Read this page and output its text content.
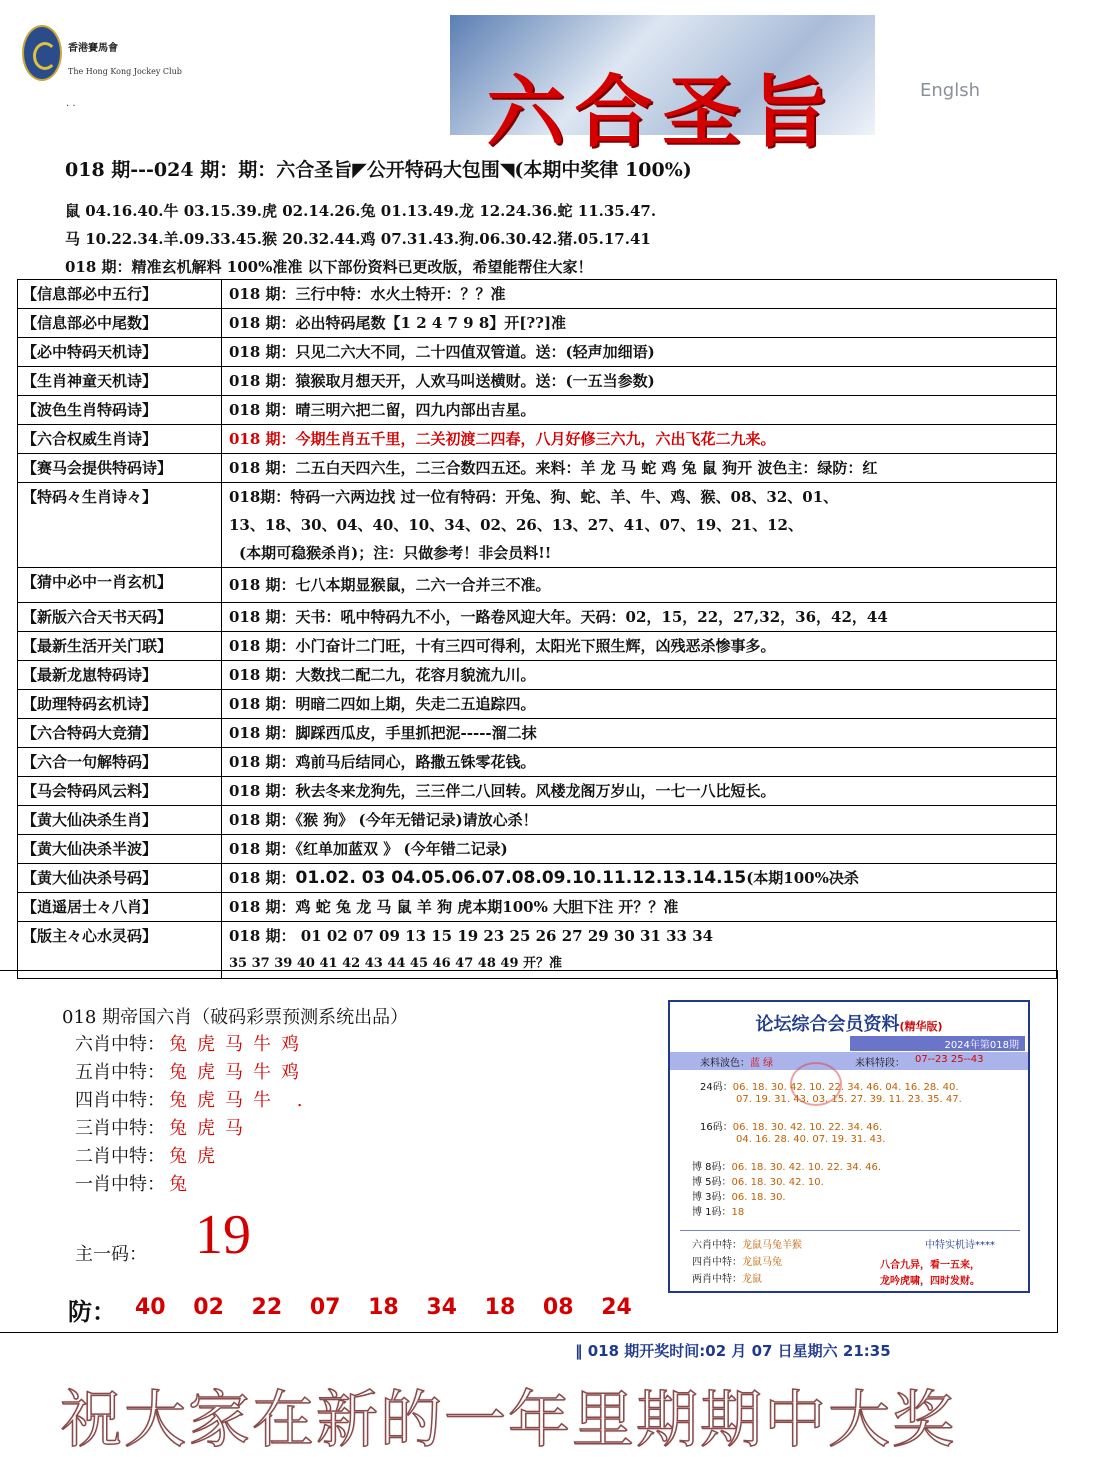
香港賽馬會
The Hong Kong Jockey Club
. .	六合圣旨	Englsh
018 期---024 期：期：六合圣旨◤公开特码大包围◥(本期中奖律 100%)
鼠 04.16.40.牛 03.15.39.虎 02.14.26.兔 01.13.49.龙 12.24.36.蛇 11.35.47.
马 10.22.34.羊.09.33.45.猴 20.32.44.鸡 07.31.43.狗.06.30.42.猪.05.17.41
018 期：精准玄机解料 100%准准 以下部份资料已更改版，希望能帮住大家！
【信息部必中五行】	018 期：三行中特：水火土特开：？？准
【信息部必中尾数】	018 期：必出特码尾数【1 2 4 7 9 8】开[??]准
【必中特码天机诗】	018 期：只见二六大不同，二十四值双管道。送：(轻声加细语)
【生肖神童天机诗】	018 期：猿猴取月想天开，人欢马叫送横财。送：(一五当参数)
【波色生肖特码诗】	018 期：晴三明六把二留，四九内部出吉星。
【六合权威生肖诗】	018 期：今期生肖五千里，二关初渡二四春，八月好修三六九，六出飞花二九来。
【赛马会提供特码诗】	018 期：二五白天四六生，二三合数四五还。来料：羊 龙 马 蛇 鸡 兔 鼠 狗开 波色主：绿防：红
【特码々生肖诗々】	018期：特码一六两边找 过一位有特码：开兔、狗、蛇、羊、牛、鸡、猴、08、32、01、
13、18、30、04、40、10、34、02、26、13、27、41、07、19、21、12、
(本期可稳猴杀肖)；注：只做参考！非会员料!!

【猜中必中一肖玄机】	018 期：七八本期显猴鼠，二六一合并三不准。
【新版六合天书天码】	018 期：天书：吼中特码九不小，一路卷风迎大年。天码：02，15，22，27,32，36，42，44
【最新生活开关门联】	018 期：小门奋计二门旺，十有三四可得利，太阳光下照生辉，凶残恶杀惨事多。
【最新龙崽特码诗】	018 期：大数找二配二九，花容月貌流九川。
【助理特码玄机诗】	018 期：明暗二四如上期，失走二五追踪四。
【六合特码大竞猜】	018 期：脚踩西瓜皮，手里抓把泥-----溜二抹
【六合一句解特码】	018 期：鸡前马后结同心，路撒五铢零花钱。
【马会特码风云料】	018 期：秋去冬来龙狗先，三三伴二八回转。风楼龙阁万岁山，一七一八比短长。
【黄大仙决杀生肖】	018 期：《猴 狗》 (今年无错记录)请放心杀！
【黄大仙决杀半波】	018 期：《红单加蓝双 》 (今年错二记录)
【黄大仙决杀号码】	018 期：01.02. 03 04.05.06.07.08.09.10.11.12.13.14.15(本期100%决杀
【逍遥居士々八肖】	018 期：鸡 蛇 兔 龙 马 鼠 羊 狗 虎本期100% 大胆下注 开？？准
【版主々心水灵码】	018 期： 01 02 07 09 13 15 19 23 25 26 27 29 30 31 33 34
35 37 39 40 41 42 43 44 45 46 47 48 49 开？准
018 期帝国六肖（破码彩票预测系统出品）
六肖中特： 兔虎马牛鸡
五肖中特： 兔虎马牛鸡
四肖中特： 兔虎马牛 .
三肖中特： 兔虎马
二肖中特： 兔虎
一肖中特： 兔
主一码： 19
防： 40 02 22 07 18 34 18 08 24
论坛综合会员资料(精华版)
2024年第018期
来料波色： 蓝 绿	来料特段： 07--23 25--43
24码：06. 18. 30. 42. 10. 22. 34. 46. 04. 16. 28. 40.
07. 19. 31. 43. 03. 15. 27. 39. 11. 23. 35. 47.
16码：06. 18. 30. 42. 10. 22. 34. 46.
04. 16. 28. 40. 07. 19. 31. 43.
博 8码：06. 18. 30. 42. 10. 22. 34. 46.
博 5码：06. 18. 30. 42. 10.
博 3码：06. 18. 30.
博 1码：18
六肖中特：龙鼠马兔羊猴
四肖中特：龙鼠马兔
两肖中特：龙鼠
中特实机诗****
八合九异，看一五来，
龙吟虎啸，四时发财。
‖ 018 期开奖时间:02 月 07 日星期六 21:35
祝大家在新的一年里期期中大奖
